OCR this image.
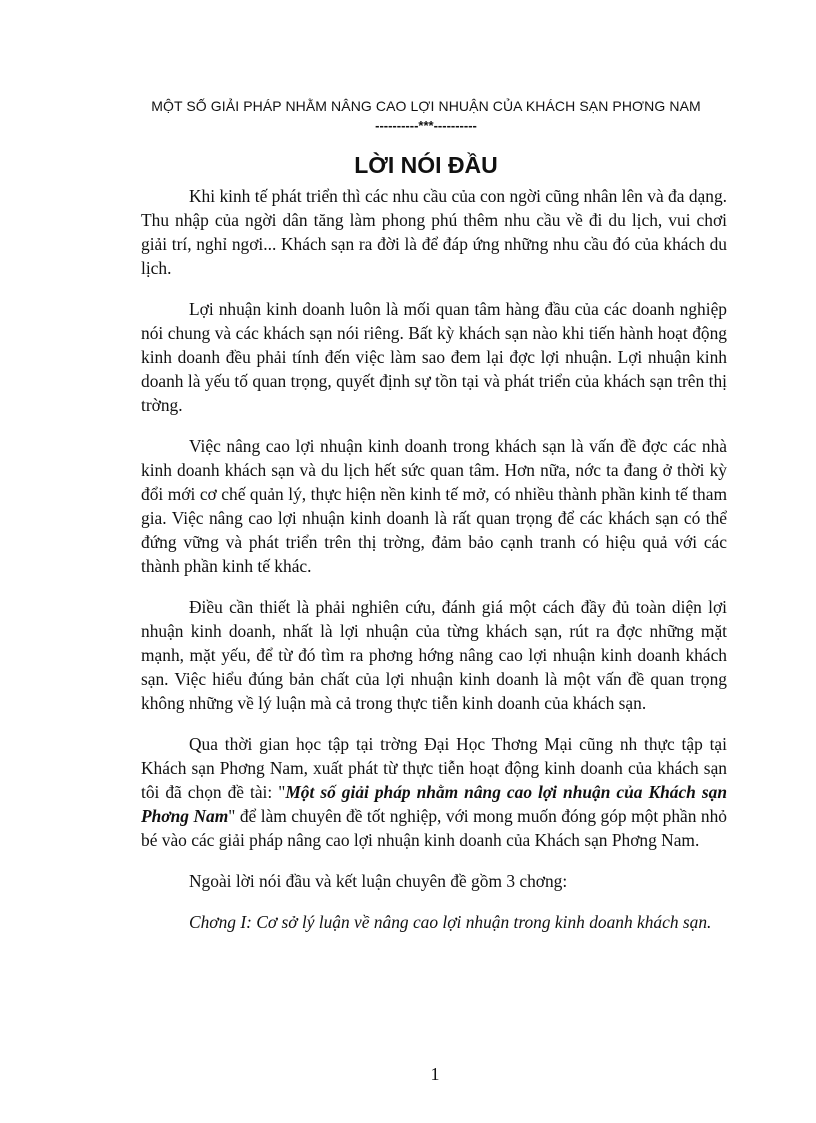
MỘT SỐ GIẢI PHÁP NHẰM NÂNG CAO LỢI NHUẬN CỦA KHÁCH SẠN PHƠNG NAM
----------***----------
LỜI NÓI ĐẦU

Khi kinh tế phát triển thì các nhu cầu của con ngời cũng nhân lên và đa dạng. Thu nhập của ngời dân tăng làm phong phú thêm nhu cầu về đi du lịch, vui chơi giải trí, nghỉ ngơi... Khách sạn ra đời là để đáp ứng những nhu cầu đó của khách du lịch.

Lợi nhuận kinh doanh luôn là mối quan tâm hàng đầu của các doanh nghiệp nói chung và các khách sạn nói riêng. Bất kỳ khách sạn nào khi tiến hành hoạt động kinh doanh đều phải tính đến việc làm sao đem lại đợc lợi nhuận. Lợi nhuận kinh doanh là yếu tố quan trọng, quyết định sự tồn tại và phát triển của khách sạn trên thị trờng.

Việc nâng cao lợi nhuận kinh doanh trong khách sạn là vấn đề đợc các nhà kinh doanh khách sạn và du lịch hết sức quan tâm. Hơn nữa, nớc ta đang ở thời kỳ đổi mới cơ chế quản lý, thực hiện nền kinh tế mở, có nhiều thành phần kinh tế tham gia. Việc nâng cao lợi nhuận kinh doanh là rất quan trọng để các khách sạn có thể đứng vững và phát triển trên thị trờng, đảm bảo cạnh tranh có hiệu quả với các thành phần kinh tế khác.

Điều cần thiết là phải nghiên cứu, đánh giá một cách đầy đủ toàn diện lợi nhuận kinh doanh, nhất là lợi nhuận của từng khách sạn, rút ra đợc những mặt mạnh, mặt yếu, để từ đó tìm ra phơng hớng nâng cao lợi nhuận kinh doanh khách sạn. Việc hiểu đúng bản chất của lợi nhuận kinh doanh là một vấn đề quan trọng không những về lý luận mà cả trong thực tiễn kinh doanh của khách sạn.

Qua thời gian học tập tại trờng Đại Học Thơng Mại cũng nh thực tập tại Khách sạn Phơng Nam, xuất phát từ thực tiễn hoạt động kinh doanh của khách sạn tôi đã chọn đề tài: "Một số giải pháp nhằm nâng cao lợi nhuận của Khách sạn Phơng Nam" để làm chuyên đề tốt nghiệp, với mong muốn đóng góp một phần nhỏ bé vào các giải pháp nâng cao lợi nhuận kinh doanh của Khách sạn Phơng Nam.

Ngoài lời nói đầu và kết luận chuyên đề gồm 3 chơng:

Chơng I: Cơ sở lý luận về nâng cao lợi nhuận trong kinh doanh khách sạn.

1
